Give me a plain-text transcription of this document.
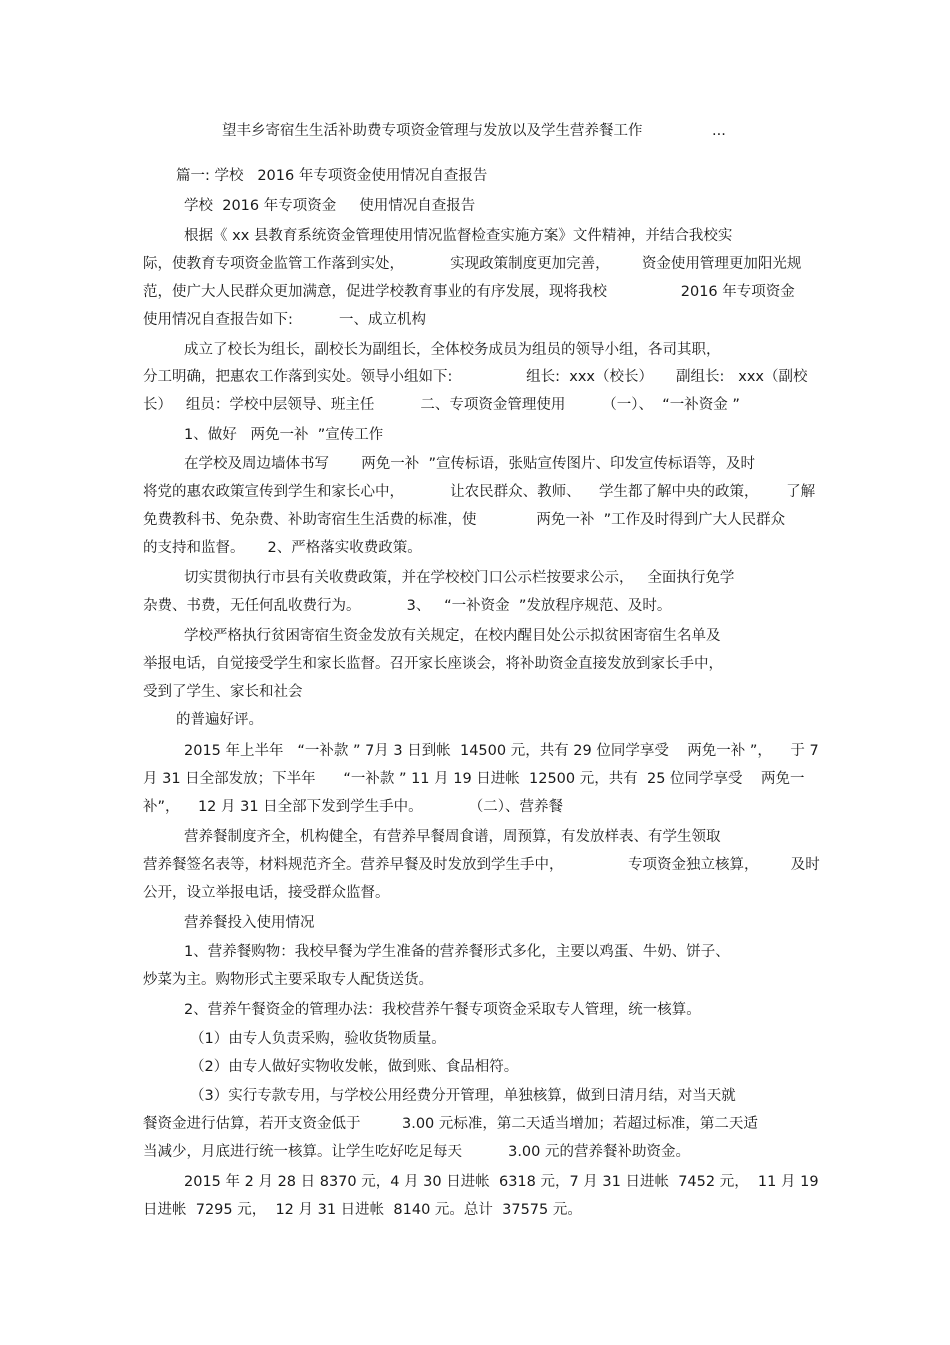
望丰乡寄宿生生活补助费专项资金管理与发放以及学生营养餐工作	...
篇一: 学校   2016 年专项资金使用情况自查报告
学校  2016 年专项资金     使用情况自查报告
根据《 xx 县教育系统资金管理使用情况监督检查实施方案》文件精神，并结合我校实
际，使教育专项资金监管工作落到实处，          实现政策制度更加完善，       资金使用管理更加阳光规
范，使广大人民群众更加满意，促进学校教育事业的有序发展，现将我校                2016 年专项资金
使用情况自查报告如下:          一、成立机构
成立了校长为组长，副校长为副组长，全体校务成员为组员的领导小组，各司其职，
分工明确，把惠农工作落到实处。领导小组如下:                组长:  xxx（校长）     副组长:   xxx（副校
长）   组员：学校中层领导、班主任          二、专项资金管理使用        （一）、  “一补资金 ”
1、做好   两免一补  ”宣传工作
在学校及周边墙体书写       两免一补  ”宣传标语，张贴宣传图片、印发宣传标语等，及时
将党的惠农政策宣传到学生和家长心中，          让农民群众、教师、    学生都了解中央的政策，      了解
免费教科书、免杂费、补助寄宿生生活费的标准，使             两免一补  ”工作及时得到广大人民群众
的支持和监督。     2、严格落实收费政策。
切实贯彻执行市县有关收费政策，并在学校校门口公示栏按要求公示，   全面执行免学
杂费、书费，无任何乱收费行为。          3、   “一补资金  ”发放程序规范、及时。
学校严格执行贫困寄宿生资金发放有关规定，在校内醒目处公示拟贫困寄宿生名单及
举报电话，自觉接受学生和家长监督。召开家长座谈会，将补助资金直接发放到家长手中，
受到了学生、家长和社会
的普遍好评。
2015 年上半年   “一补款 ” 7月 3 日到帐  14500 元，共有 29 位同学享受    两免一补 ”，    于 7
月 31 日全部发放；下半年      “一补款 ” 11 月 19 日进帐  12500 元，共有  25 位同学享受    两免一
补”，    12 月 31 日全部下发到学生手中。          （二）、营养餐
营养餐制度齐全，机构健全，有营养早餐周食谱，周预算，有发放样表、有学生领取
营养餐签名表等，材料规范齐全。营养早餐及时发放到学生手中，              专项资金独立核算，       及时
公开，设立举报电话，接受群众监督。
营养餐投入使用情况
1、营养餐购物：我校早餐为学生准备的营养餐形式多化，主要以鸡蛋、牛奶、饼子、
炒菜为主。购物形式主要采取专人配货送货。
2、营养午餐资金的管理办法：我校营养午餐专项资金采取专人管理，统一核算。
（1）由专人负责采购，验收货物质量。
（2）由专人做好实物收发帐，做到账、食品相符。
（3）实行专款专用，与学校公用经费分开管理，单独核算，做到日清月结，对当天就
餐资金进行估算，若开支资金低于         3.00 元标准，第二天适当增加；若超过标准，第二天适
当减少，月底进行统一核算。让学生吃好吃足每天          3.00 元的营养餐补助资金。
2015 年 2 月 28 日 8370 元，4 月 30 日进帐  6318 元，7 月 31 日进帐  7452 元，  11 月 19
日进帐  7295 元，  12 月 31 日进帐  8140 元。总计  37575 元。
